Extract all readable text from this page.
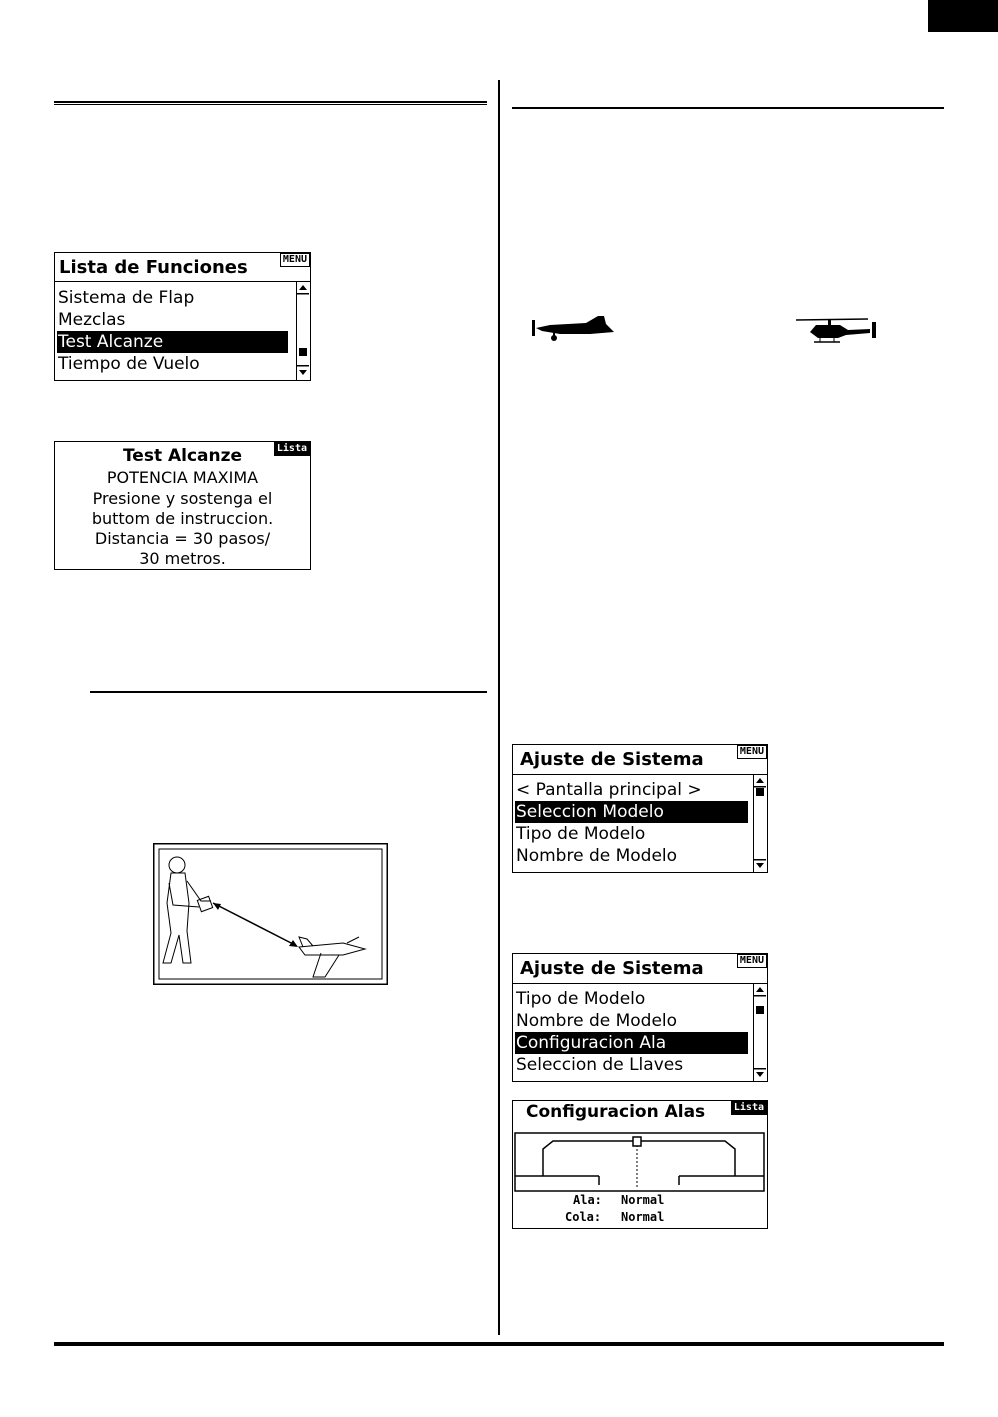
Lista de Funciones	MENU
Sistema de Flap
Mezclas
Test Alcanze
Tiempo de Vuelo
Test Alcanze	Lista
POTENCIA MAXIMA
Presione y sostenga el
buttom de instruccion.
Distancia = 30 pasos/
30 metros.
Ajuste de Sistema	MENU
< Pantalla principal >
Seleccion Modelo
Tipo de Modelo
Nombre de Modelo
Ajuste de Sistema	MENU
Tipo de Modelo
Nombre de Modelo
Configuracion Ala
Seleccion de Llaves
Configuracion Alas	Lista
Ala: Normal
Cola: Normal
